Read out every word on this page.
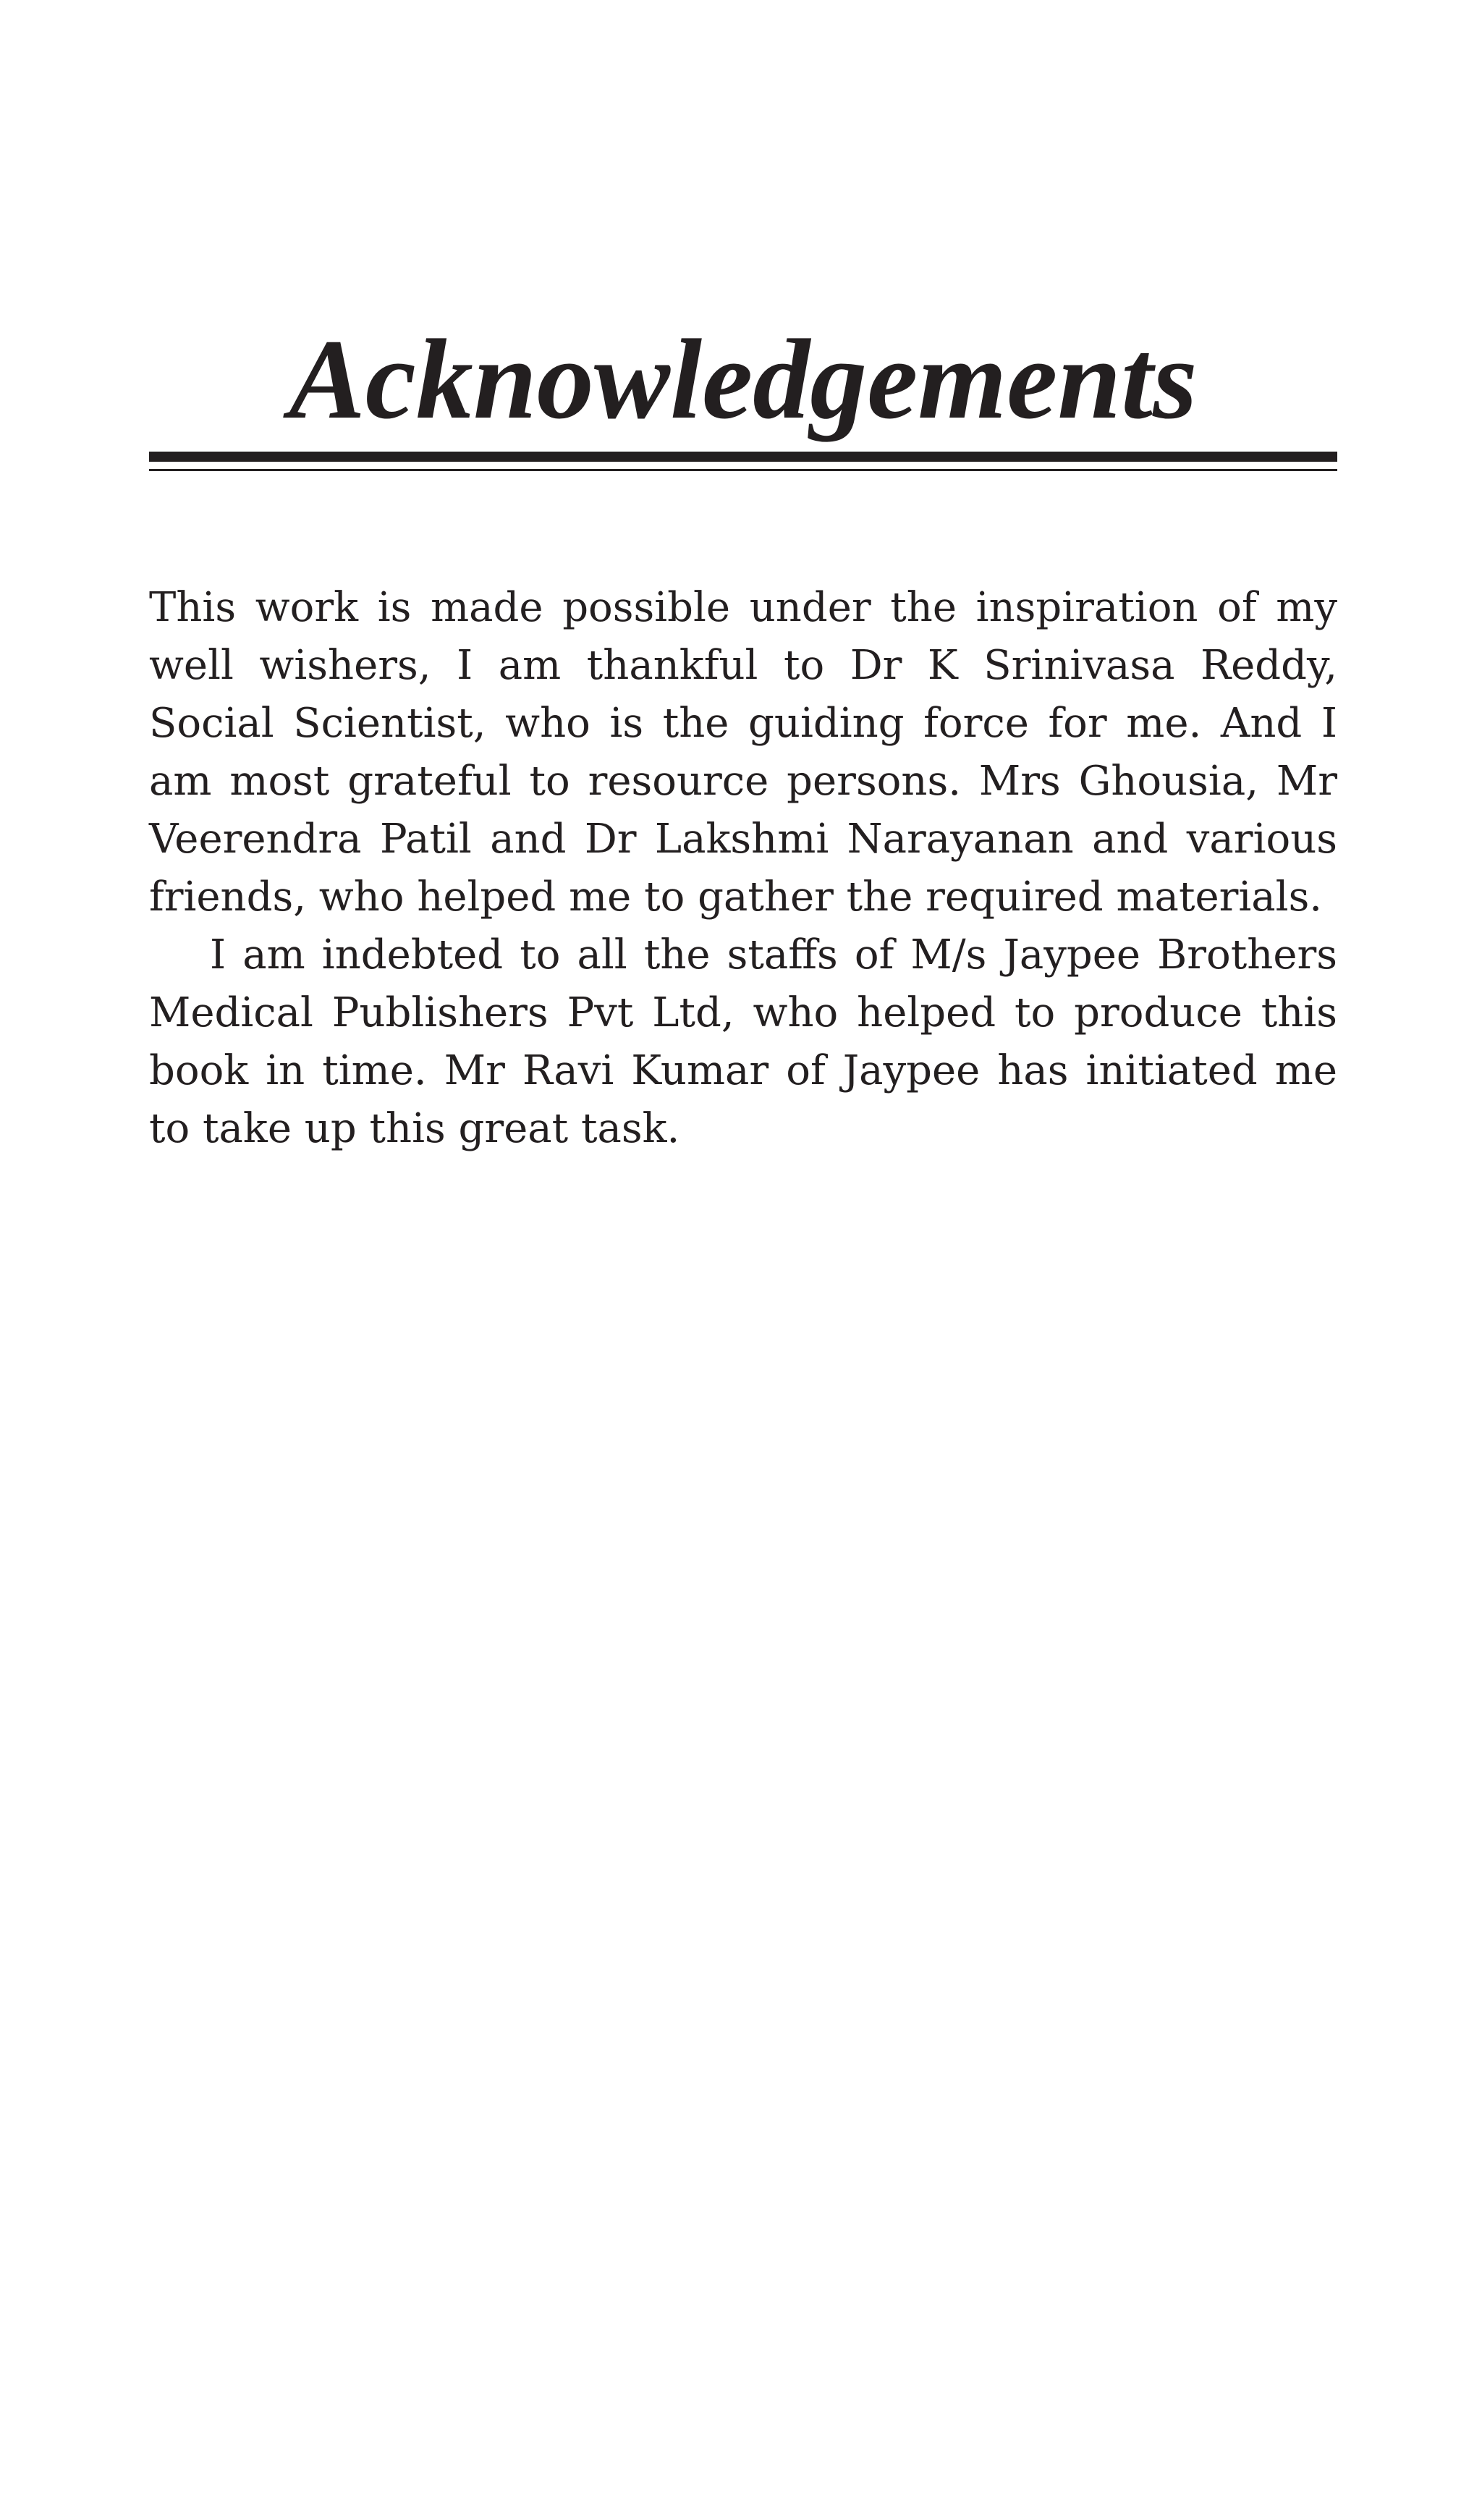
Acknowledgements

This work is made possible under the inspiration of my well wishers, I am thankful to Dr K Srinivasa Reddy, Social Scientist, who is the guiding force for me. And I am most grateful to resource persons. Mrs Ghousia, Mr Veerendra Patil and Dr Lakshmi Narayanan and various friends, who helped me to gather the required materials.

I am indebted to all the staffs of M/s Jaypee Brothers Medical Publishers Pvt Ltd, who helped to produce this book in time. Mr Ravi Kumar of Jaypee has initiated me to take up this great task.
